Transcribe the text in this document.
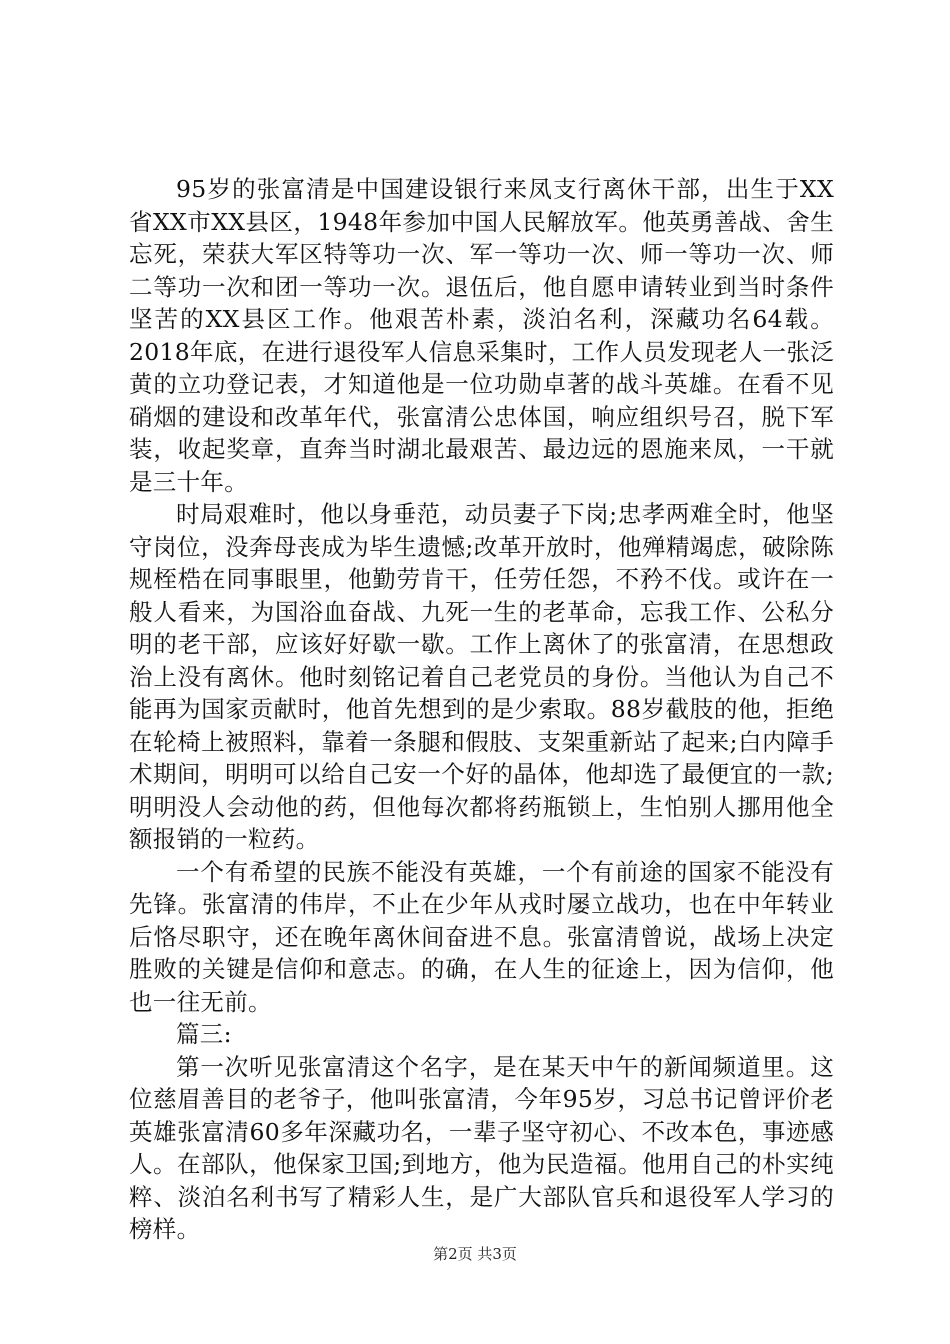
95岁的张富清是中国建设银行来凤支行离休干部，出生于XX省XX市XX县区，1948年参加中国人民解放军。他英勇善战、舍生忘死，荣获大军区特等功一次、军一等功一次、师一等功一次、师二等功一次和团一等功一次。退伍后，他自愿申请转业到当时条件坚苦的XX县区工作。他艰苦朴素，淡泊名利，深藏功名64载。2018年底，在进行退役军人信息采集时，工作人员发现老人一张泛黄的立功登记表，才知道他是一位功勋卓著的战斗英雄。在看不见硝烟的建设和改革年代，张富清公忠体国，响应组织号召，脱下军装，收起奖章，直奔当时湖北最艰苦、最边远的恩施来凤，一干就是三十年。

时局艰难时，他以身垂范，动员妻子下岗;忠孝两难全时，他坚守岗位，没奔母丧成为毕生遗憾;改革开放时，他殚精竭虑，破除陈规桎梏在同事眼里，他勤劳肯干，任劳任怨，不矜不伐。或许在一般人看来，为国浴血奋战、九死一生的老革命，忘我工作、公私分明的老干部，应该好好歇一歇。工作上离休了的张富清，在思想政治上没有离休。他时刻铭记着自己老党员的身份。当他认为自己不能再为国家贡献时，他首先想到的是少索取。88岁截肢的他，拒绝在轮椅上被照料，靠着一条腿和假肢、支架重新站了起来;白内障手术期间，明明可以给自己安一个好的晶体，他却选了最便宜的一款;明明没人会动他的药，但他每次都将药瓶锁上，生怕别人挪用他全额报销的一粒药。

一个有希望的民族不能没有英雄，一个有前途的国家不能没有先锋。张富清的伟岸，不止在少年从戎时屡立战功，也在中年转业后恪尽职守，还在晚年离休间奋进不息。张富清曾说，战场上决定胜败的关键是信仰和意志。的确，在人生的征途上，因为信仰，他也一往无前。

篇三:

第一次听见张富清这个名字，是在某天中午的新闻频道里。这位慈眉善目的老爷子，他叫张富清，今年95岁，习总书记曾评价老英雄张富清60多年深藏功名，一辈子坚守初心、不改本色，事迹感人。在部队，他保家卫国;到地方，他为民造福。他用自己的朴实纯粹、淡泊名利书写了精彩人生，是广大部队官兵和退役军人学习的榜样。

第2页 共3页
